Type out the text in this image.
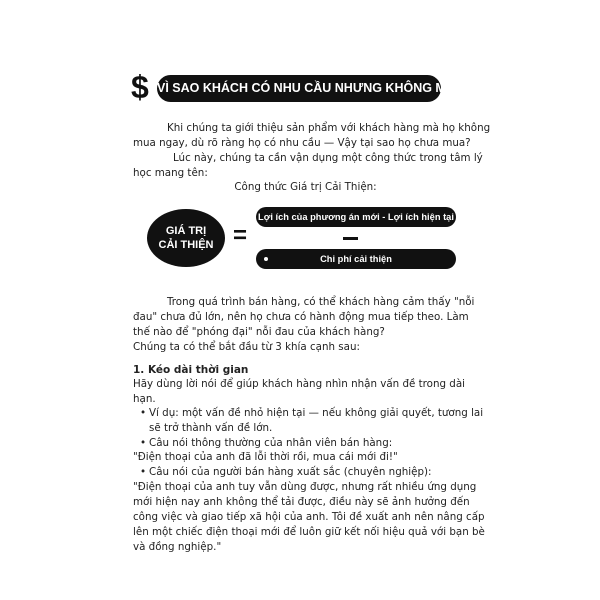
$ VÌ SAO KHÁCH CÓ NHU CẦU NHƯNG KHÔNG MUA?
Khi chúng ta giới thiệu sản phẩm với khách hàng mà họ không
mua ngay, dù rõ ràng họ có nhu cầu — Vậy tại sao họ chưa mua?
Lúc này, chúng ta cần vận dụng một công thức trong tâm lý
học mang tên:
Công thức Giá trị Cải Thiện:
GIÁ TRỊ
CẢI THIỆN =
Lợi ích của phương án mới - Lợi ích hiện tại
Chi phí cải thiện
Trong quá trình bán hàng, có thể khách hàng cảm thấy "nỗi
đau" chưa đủ lớn, nên họ chưa có hành động mua tiếp theo. Làm
thế nào để "phóng đại" nỗi đau của khách hàng?
Chúng ta có thể bắt đầu từ 3 khía cạnh sau:
1. Kéo dài thời gian
Hãy dùng lời nói để giúp khách hàng nhìn nhận vấn đề trong dài
hạn.
• Ví dụ: một vấn đề nhỏ hiện tại — nếu không giải quyết, tương lai
sẽ trở thành vấn đề lớn.
• Câu nói thông thường của nhân viên bán hàng:
"Điện thoại của anh đã lỗi thời rồi, mua cái mới đi!"
• Câu nói của người bán hàng xuất sắc (chuyên nghiệp):
"Điện thoại của anh tuy vẫn dùng được, nhưng rất nhiều ứng dụng
mới hiện nay anh không thể tải được, điều này sẽ ảnh hưởng đến
công việc và giao tiếp xã hội của anh. Tôi đề xuất anh nên nâng cấp
lên một chiếc điện thoại mới để luôn giữ kết nối hiệu quả với bạn bè
và đồng nghiệp."
